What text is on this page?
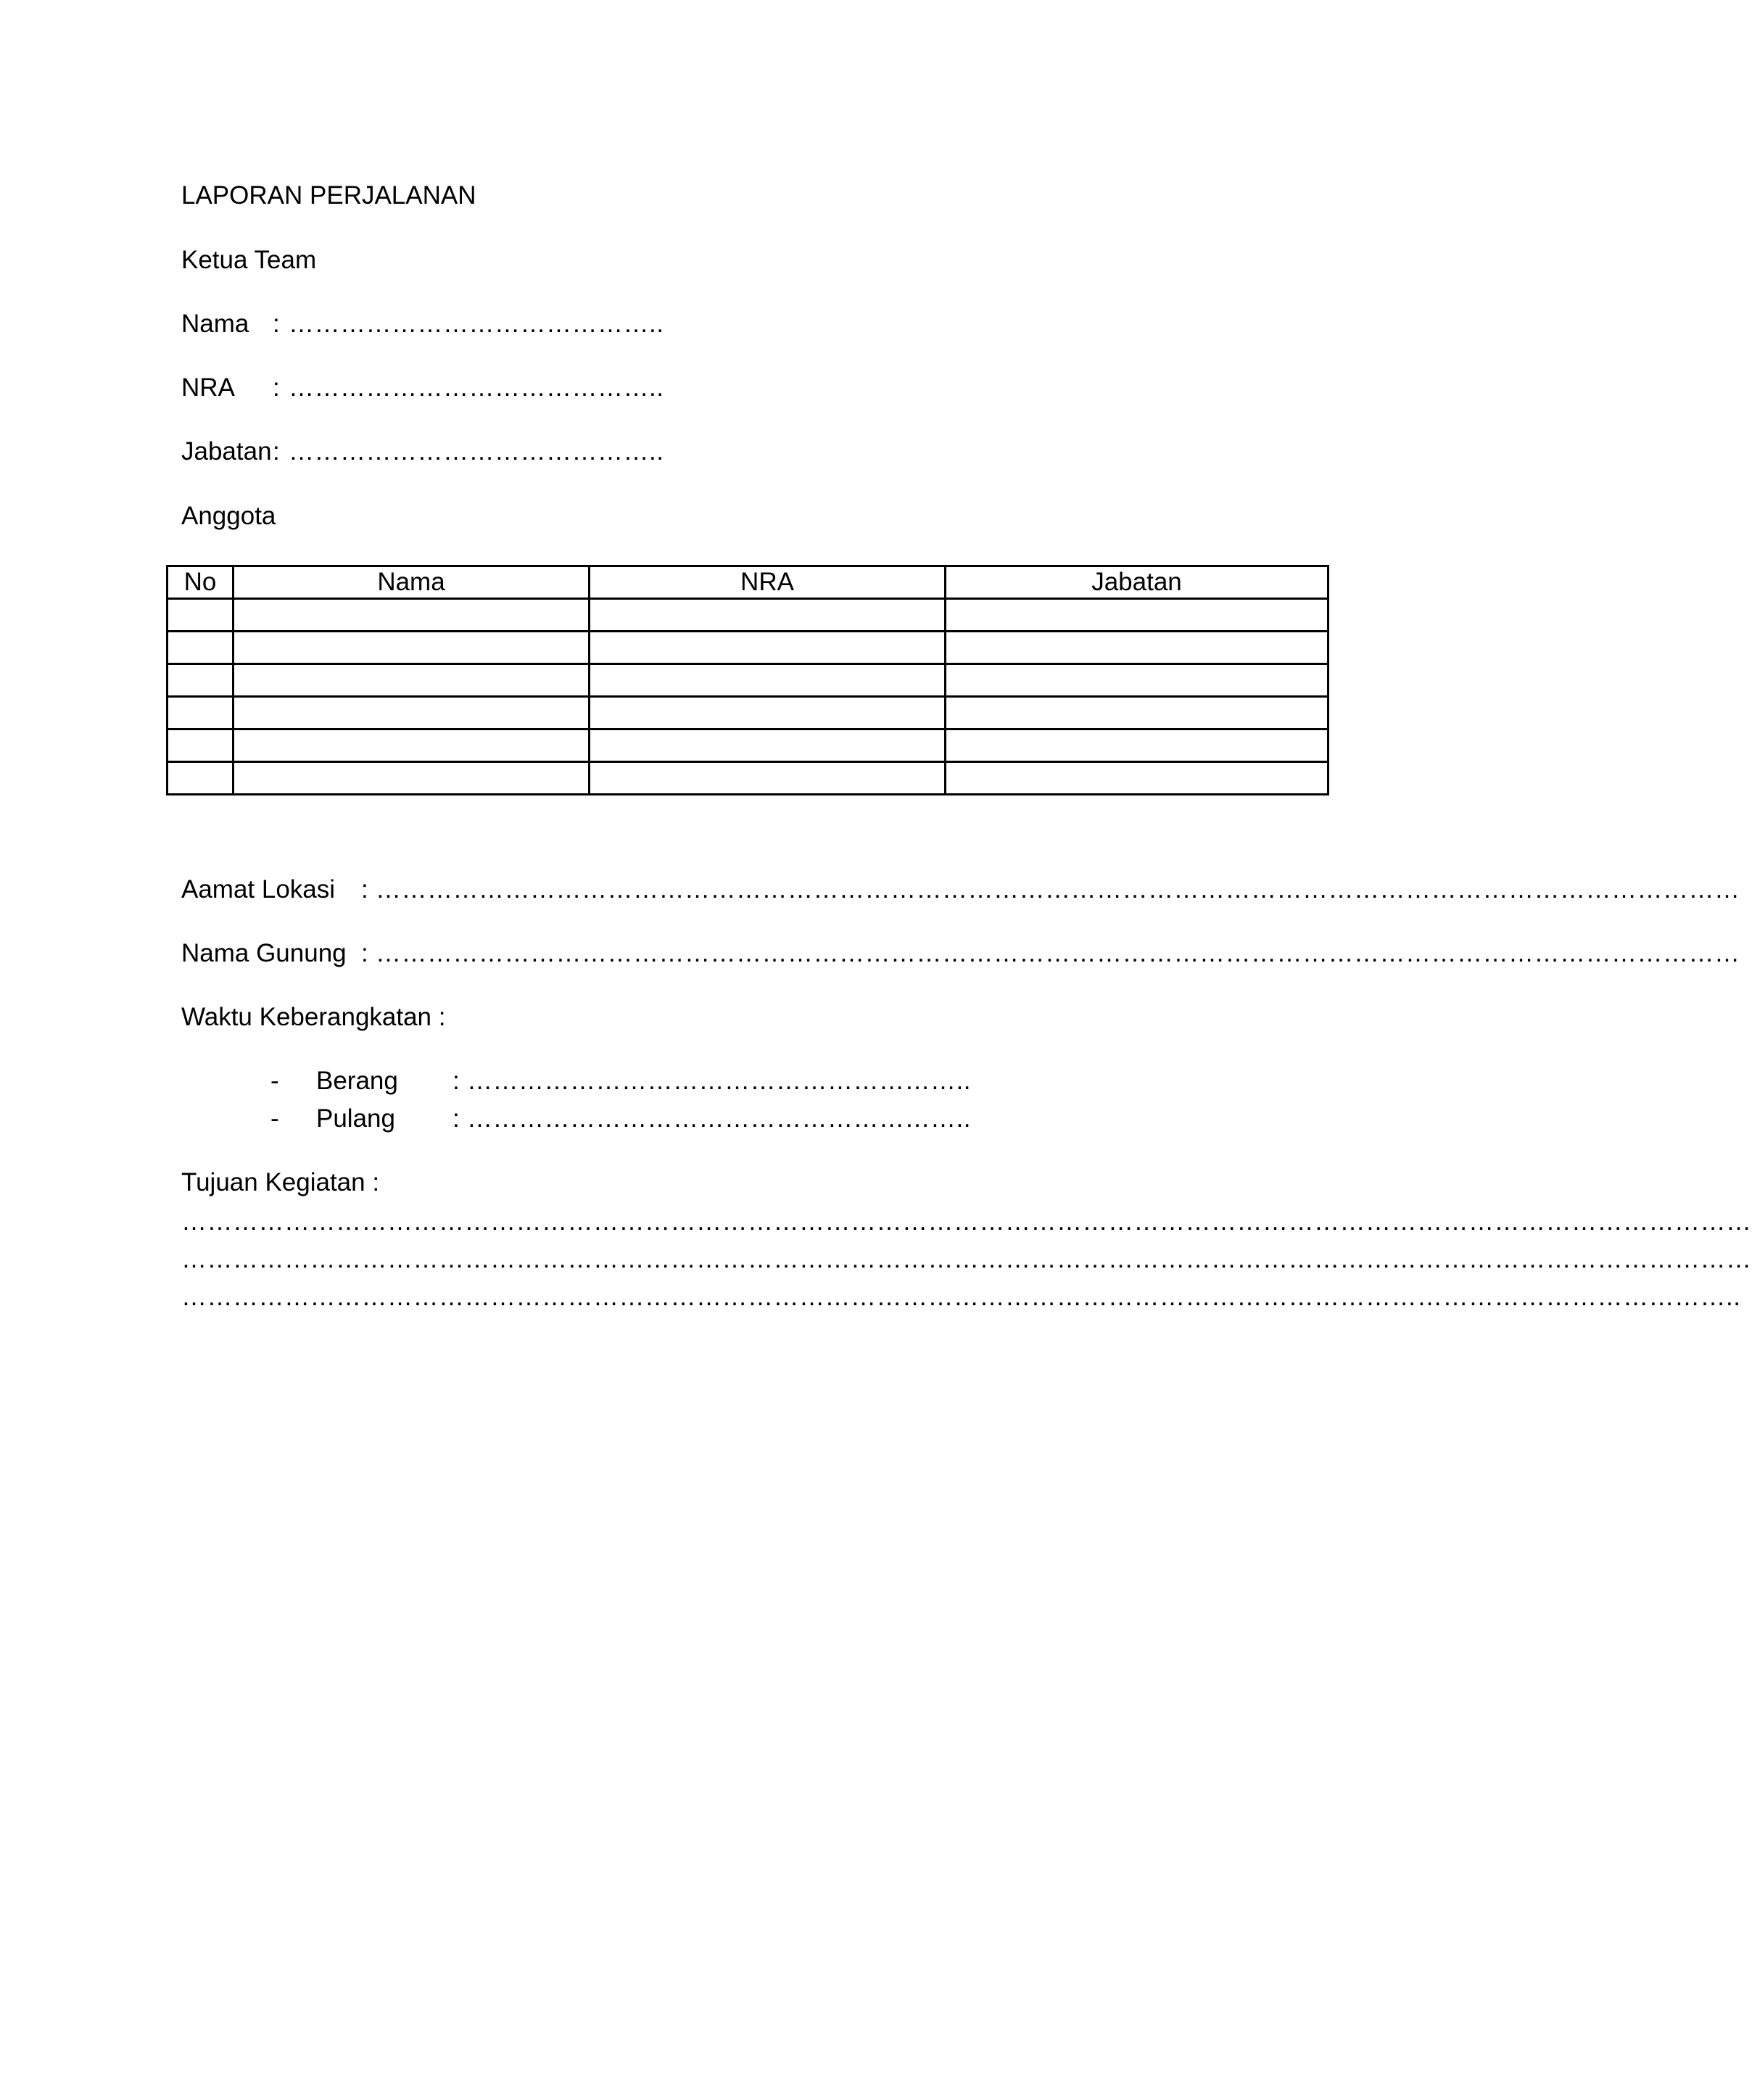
LAPORAN PERJALANAN
Ketua Team
Nama : ……………………………………..
NRA : ……………………………………..
Jabatan : ……………………………………..
Anggota
No	Nama	NRA	Jabatan

Aamat Lokasi : ……………………………………………………………………………………………………………………………………………
Nama Gunung : ……………………………………………………………………………………………………………………………………………
Waktu Keberangkatan :
- Berang : …………………………………………………..
- Pulang : …………………………………………………..
Tujuan Kegiatan :
…………………………………………………………………………………………………………………………………………………………………
…………………………………………………………………………………………………………………………………………………………………
………………………………………………………………………………………………………………………………………………………………..
